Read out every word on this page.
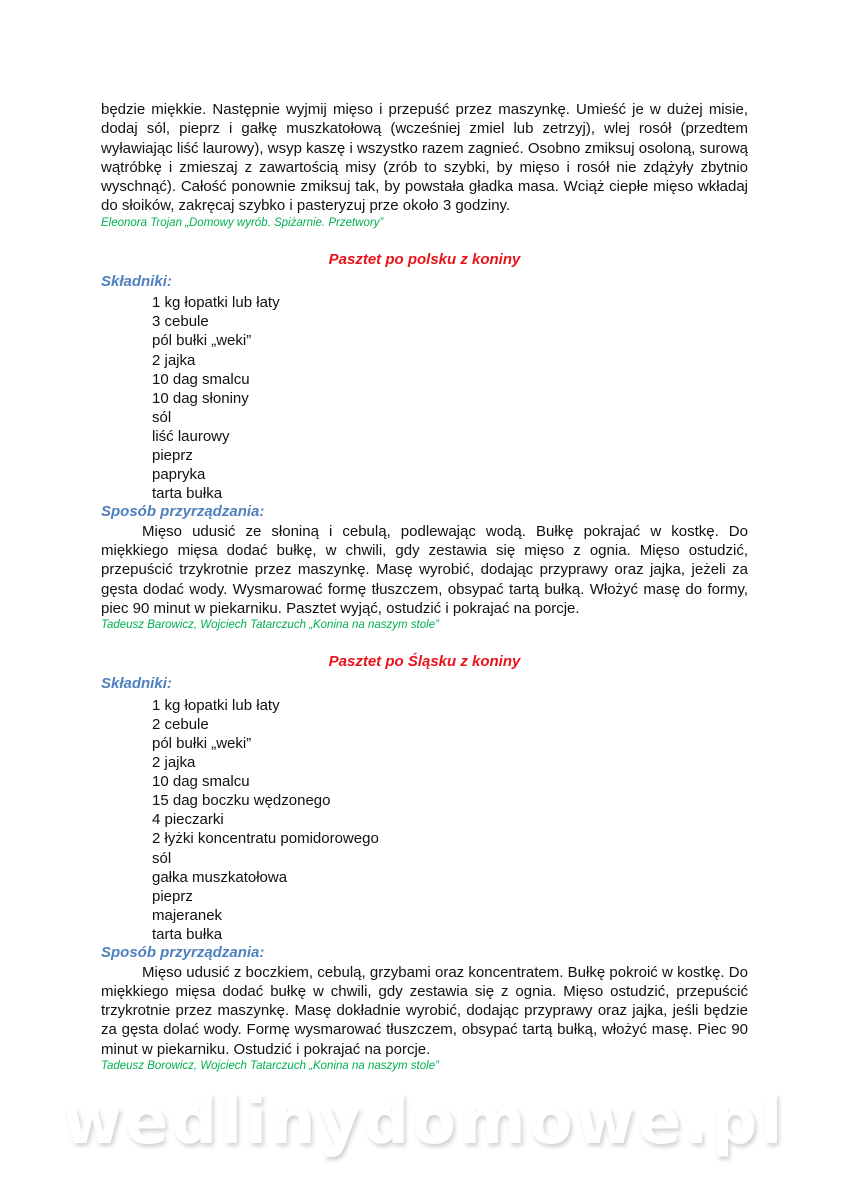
będzie miękkie. Następnie wyjmij mięso i przepuść przez maszynkę. Umieść je w dużej misie, dodaj sól, pieprz i gałkę muszkatołową (wcześniej zmiel lub zetrzyj), wlej rosół (przedtem wyławiając liść laurowy), wsyp kaszę i wszystko razem zagnieć. Osobno zmiksuj osoloną, surową wątróbkę i zmieszaj z zawartością misy (zrób to szybki, by mięso i rosół nie zdążyły zbytnio wyschnąć). Całość ponownie zmiksuj tak, by powstała gładka masa. Wciąż ciepłe mięso wkładaj do słoików, zakręcaj szybko i pasteryzuj prze około 3 godziny.

Eleonora Trojan „Domowy wyrób. Spiżarnie. Przetwory”

Pasztet po polsku z koniny
Składniki:
1 kg łopatki lub łaty
3 cebule
pól bułki „weki”
2 jajka
10 dag smalcu
10 dag słoniny
sól
liść laurowy
pieprz
papryka
tarta bułka
Sposób przyrządzania:

Mięso udusić ze słoniną i cebulą, podlewając wodą. Bułkę pokrajać w kostkę. Do miękkiego mięsa dodać bułkę, w chwili, gdy zestawia się mięso z ognia. Mięso ostudzić, przepuścić trzykrotnie przez maszynkę. Masę wyrobić, dodając przyprawy oraz jajka, jeżeli za gęsta dodać wody. Wysmarować formę tłuszczem, obsypać tartą bułką. Włożyć masę do formy, piec 90 minut w piekarniku. Pasztet wyjąć, ostudzić i pokrajać na porcje.

Tadeusz Barowicz, Wojciech Tatarczuch „Konina na naszym stole”

Pasztet po Śląsku z koniny
Składniki:
1 kg łopatki lub łaty
2 cebule
pól bułki „weki”
2 jajka
10 dag smalcu
15 dag boczku wędzonego
4 pieczarki
2 łyżki koncentratu pomidorowego
sól
gałka muszkatołowa
pieprz
majeranek
tarta bułka
Sposób przyrządzania:

Mięso udusić z boczkiem, cebulą, grzybami oraz koncentratem. Bułkę pokroić w kostkę. Do miękkiego mięsa dodać bułkę w chwili, gdy zestawia się z ognia. Mięso ostudzić, przepuścić trzykrotnie przez maszynkę. Masę dokładnie wyrobić, dodając przyprawy oraz jajka, jeśli będzie za gęsta dolać wody. Formę wysmarować tłuszczem, obsypać tartą bułką, włożyć masę. Piec 90 minut w piekarniku. Ostudzić i pokrajać na porcje.

Tadeusz Borowicz, Wojciech Tatarczuch „Konina na naszym stole”

wedlinydomowe.pl
